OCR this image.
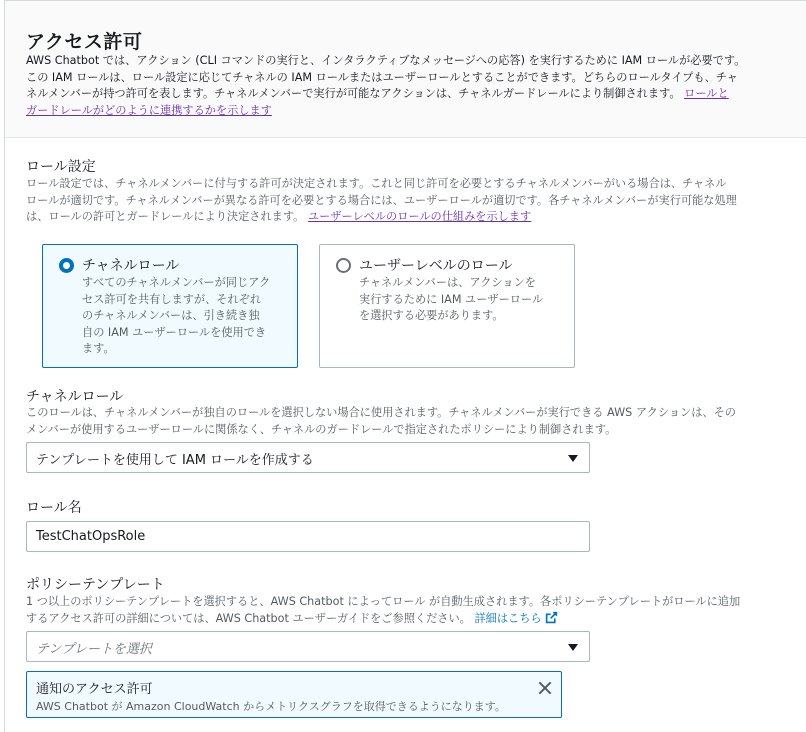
アクセス許可
AWS Chatbot では、アクション (CLI コマンドの実行と、インタラクティブなメッセージへの応答) を実行するために IAM ロールが必要です。
この IAM ロールは、ロール設定に応じてチャネルの IAM ロールまたはユーザーロールとすることができます。どちらのロールタイプも、チャ
ネルメンバーが持つ許可を表します。チャネルメンバーで実行が可能なアクションは、チャネルガードレールにより制御されます。 ロールと
ガードレールがどのように連携するかを示します
ロール設定
ロール設定では、チャネルメンバーに付与する許可が決定されます。これと同じ許可を必要とするチャネルメンバーがいる場合は、チャネル
ロールが適切です。チャネルメンバーが異なる許可を必要とする場合には、ユーザーロールが適切です。各チャネルメンバーが実行可能な処理
は、ロールの許可とガードレールにより決定されます。 ユーザーレベルのロールの仕組みを示します
チャネルロール
すべてのチャネルメンバーが同じアク
セス許可を共有しますが、それぞれ
のチャネルメンバーは、引き続き独
自の IAM ユーザーロールを使用でき
ます。
ユーザーレベルのロール
チャネルメンバーは、アクションを
実行するために IAM ユーザーロール
を選択する必要があります。
チャネルロール
このロールは、チャネルメンバーが独自のロールを選択しない場合に使用されます。チャネルメンバーが実行できる AWS アクションは、その
メンバーが使用するユーザーロールに関係なく、チャネルのガードレールで指定されたポリシーにより制御されます。
テンプレートを使用して IAM ロールを作成する
ロール名
TestChatOpsRole
ポリシーテンプレート
1 つ以上のポリシーテンプレートを選択すると、AWS Chatbot によってロール が自動生成されます。各ポリシーテンプレートがロールに追加
するアクセス許可の詳細については、AWS Chatbot ユーザーガイドをご参照ください。 詳細はこちら
テンプレートを選択
通知のアクセス許可
AWS Chatbot が Amazon CloudWatch からメトリクスグラフを取得できるようになります。
